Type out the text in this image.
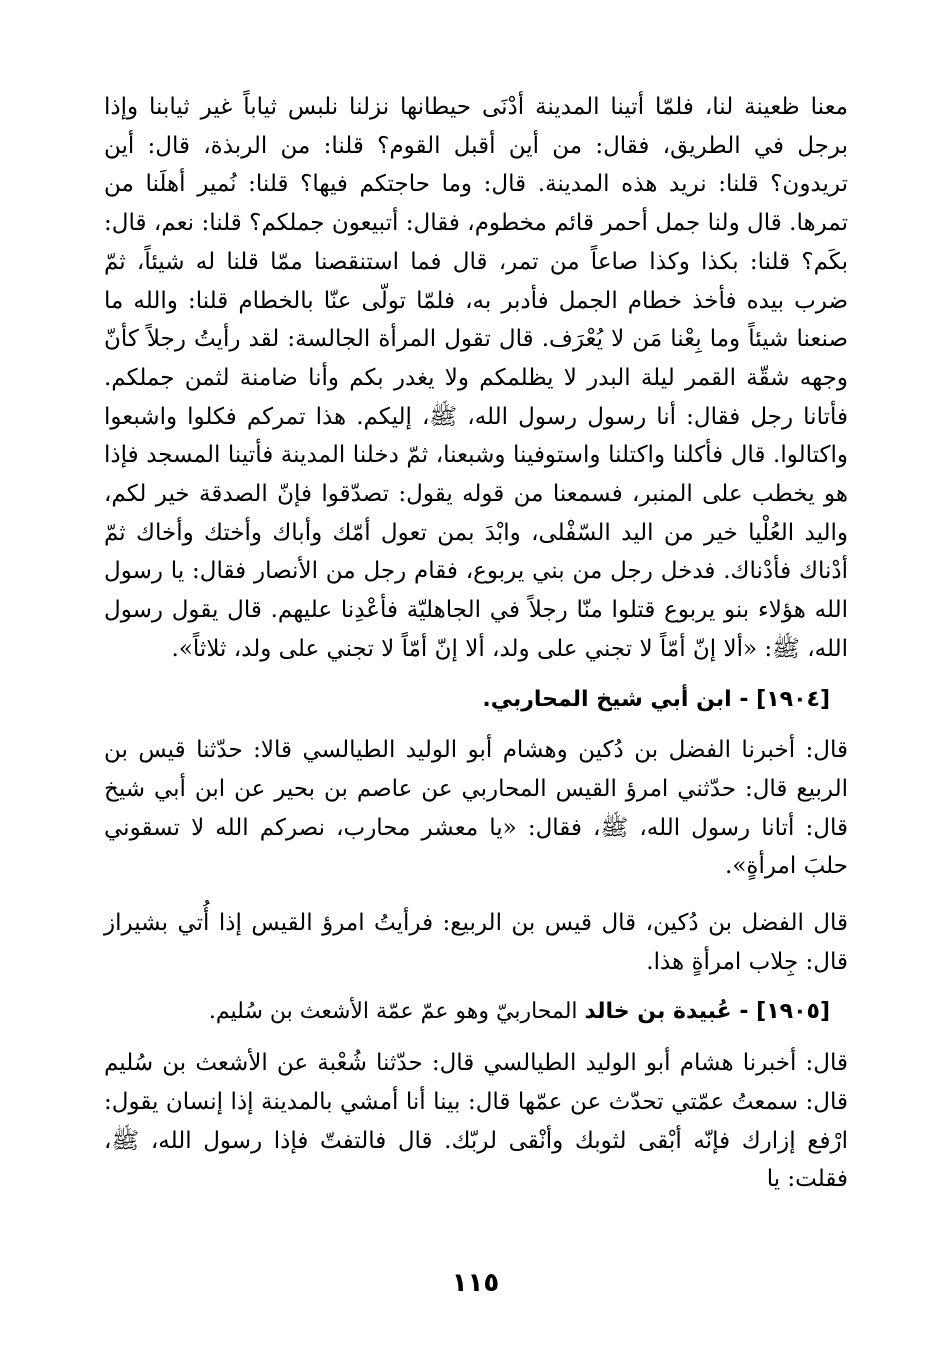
معنا ظعينة لنا، فلمّا أتينا المدينة أدْنَى حيطانها نزلنا نلبس ثياباً غير ثيابنا وإذا برجل في الطريق، فقال: من أين أقبل القوم؟ قلنا: من الربذة، قال: أين تريدون؟ قلنا: نريد هذه المدينة. قال: وما حاجتكم فيها؟ قلنا: نُمير أهلَنا من تمرها. قال ولنا جمل أحمر قائم مخطوم، فقال: أتبيعون جملكم؟ قلنا: نعم، قال: بكَم؟ قلنا: بكذا وكذا صاعاً من تمر، قال فما استنقصنا ممّا قلنا له شيئاً، ثمّ ضرب بيده فأخذ خطام الجمل فأدبر به، فلمّا تولّى عنّا بالخطام قلنا: والله ما صنعنا شيئاً وما بِعْنا مَن لا يُعْرَف. قال تقول المرأة الجالسة: لقد رأيتُ رجلاً كأنّ وجهه شقّة القمر ليلة البدر لا يظلمكم ولا يغدر بكم وأنا ضامنة لثمن جملكم. فأتانا رجل فقال: أنا رسول رسول الله، ﷺ، إليكم. هذا تمركم فكلوا واشبعوا واكتالوا. قال فأكلنا واكتلنا واستوفينا وشبعنا، ثمّ دخلنا المدينة فأتينا المسجد فإذا هو يخطب على المنبر، فسمعنا من قوله يقول: تصدّقوا فإنّ الصدقة خير لكم، واليد العُلْيا خير من اليد السّفْلى، وابْدَ بمن تعول أمّك وأباك وأختك وأخاك ثمّ أدْناك فأدْناك. فدخل رجل من بني يربوع، فقام رجل من الأنصار فقال: يا رسول الله هؤلاء بنو يربوع قتلوا منّا رجلاً في الجاهليّة فأعْدِنا عليهم. قال يقول رسول الله، ﷺ: «ألا إنّ أمّاً لا تجني على ولد، ألا إنّ أمّاً لا تجني على ولد، ثلاثاً».

[١٩٠٤] - ابن أبي شيخ المحاربي.

قال: أخبرنا الفضل بن دُكين وهشام أبو الوليد الطيالسي قالا: حدّثنا قيس بن الربيع قال: حدّثني امرؤ القيس المحاربي عن عاصم بن بحير عن ابن أبي شيخ قال: أتانا رسول الله، ﷺ، فقال: «يا معشر محارب، نصركم الله لا تسقوني حلبَ امرأةٍ».

قال الفضل بن دُكين، قال قيس بن الربيع: فرأيتُ امرؤ القيس إذا أُتي بشيراز قال: جِلاب امرأةٍ هذا.

[١٩٠٥] - عُبيدة بن خالد المحاربيّ وهو عمّ عمّة الأشعث بن سُليم.

قال: أخبرنا هشام أبو الوليد الطيالسي قال: حدّثنا شُعْبة عن الأشعث بن سُليم قال: سمعتُ عمّتي تحدّث عن عمّها قال: بينا أنا أمشي بالمدينة إذا إنسان يقول: ارْفع إزارك فإنّه أبْقى لثوبك وأنْقى لربّك. قال فالتفتّ فإذا رسول الله، ﷺ، فقلت: يا

١١٥
